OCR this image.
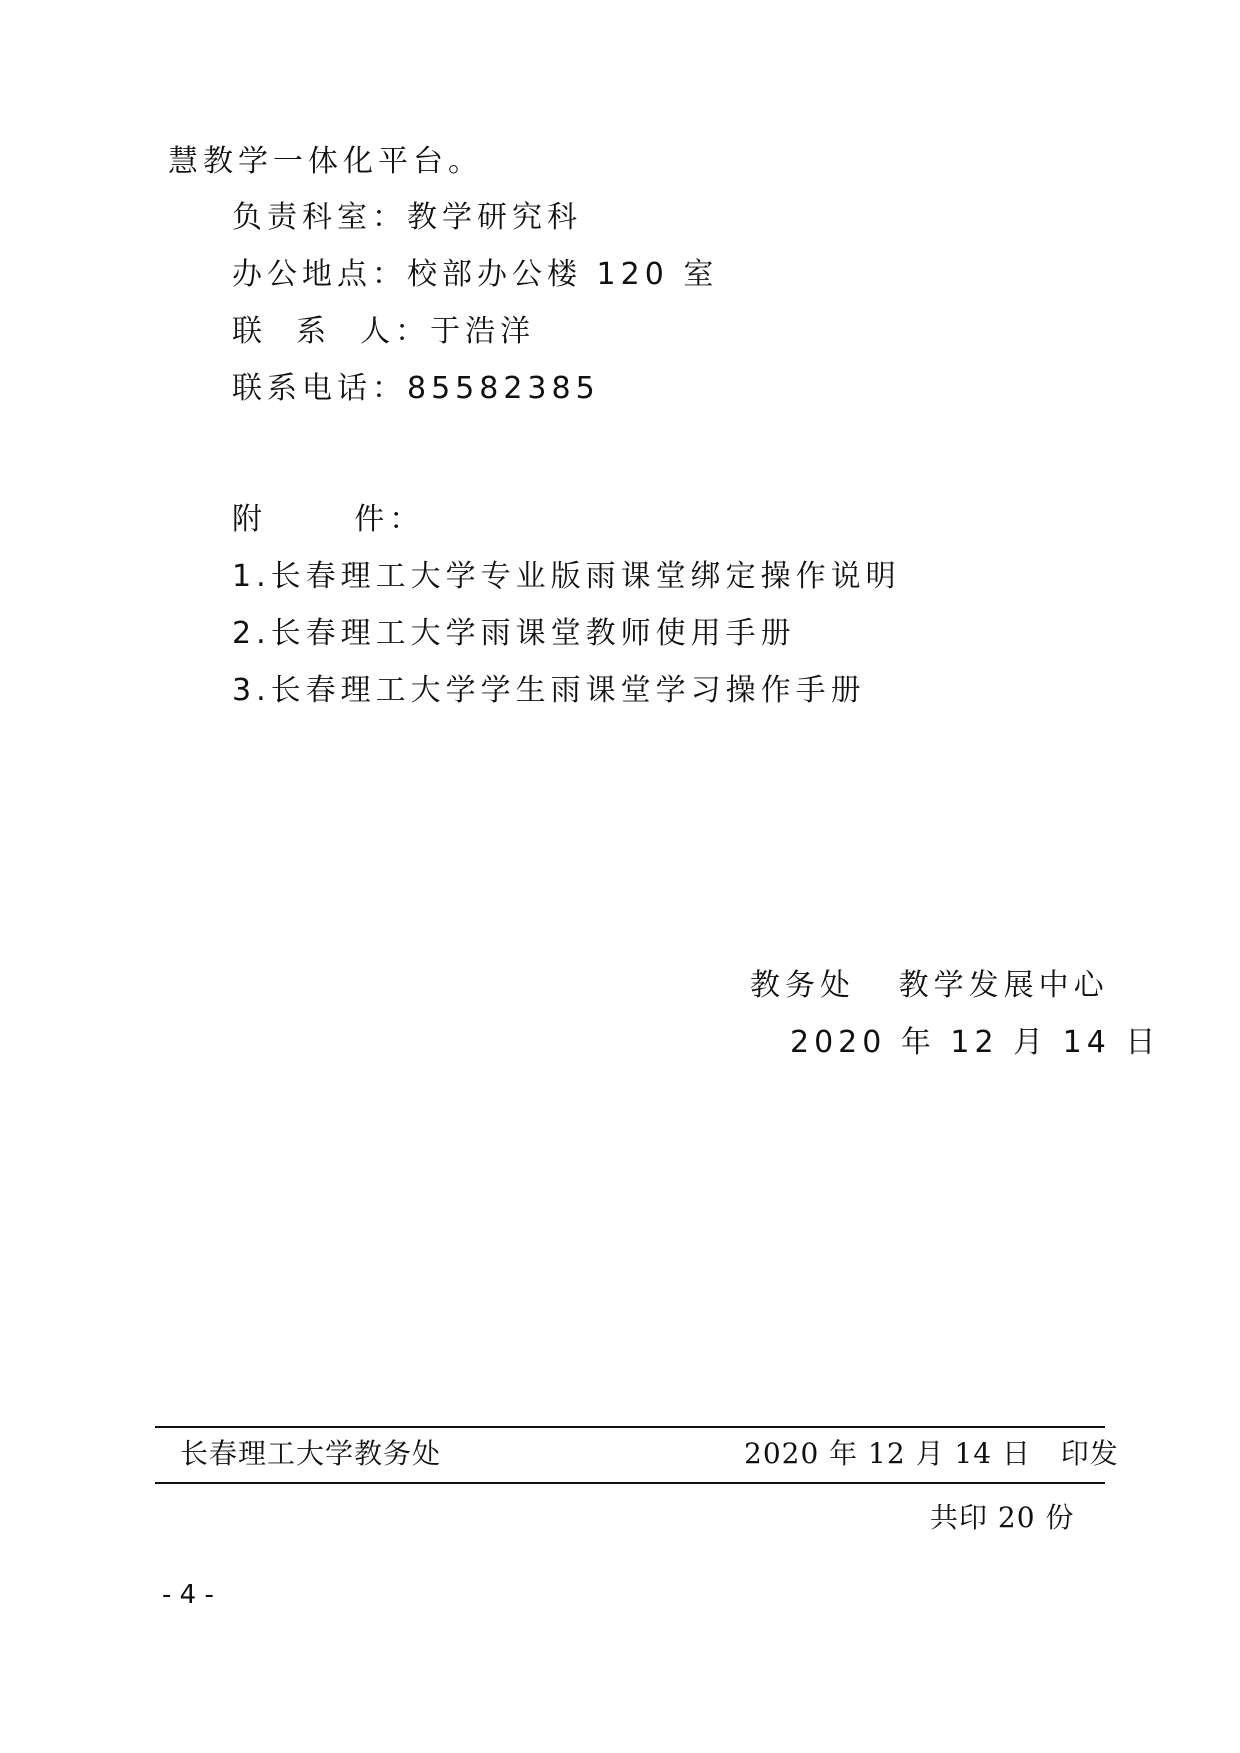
慧教学一体化平台。
负责科室：教学研究科
办公地点：校部办公楼 120 室
联  系  人：于浩洋
联系电话：85582385
附      件：
1.长春理工大学专业版雨课堂绑定操作说明
2.长春理工大学雨课堂教师使用手册
3.长春理工大学学生雨课堂学习操作手册
教务处   教学发展中心
2020 年 12 月 14 日
长春理工大学教务处	2020 年 12 月 14 日   印发
共印 20 份
- 4 -
